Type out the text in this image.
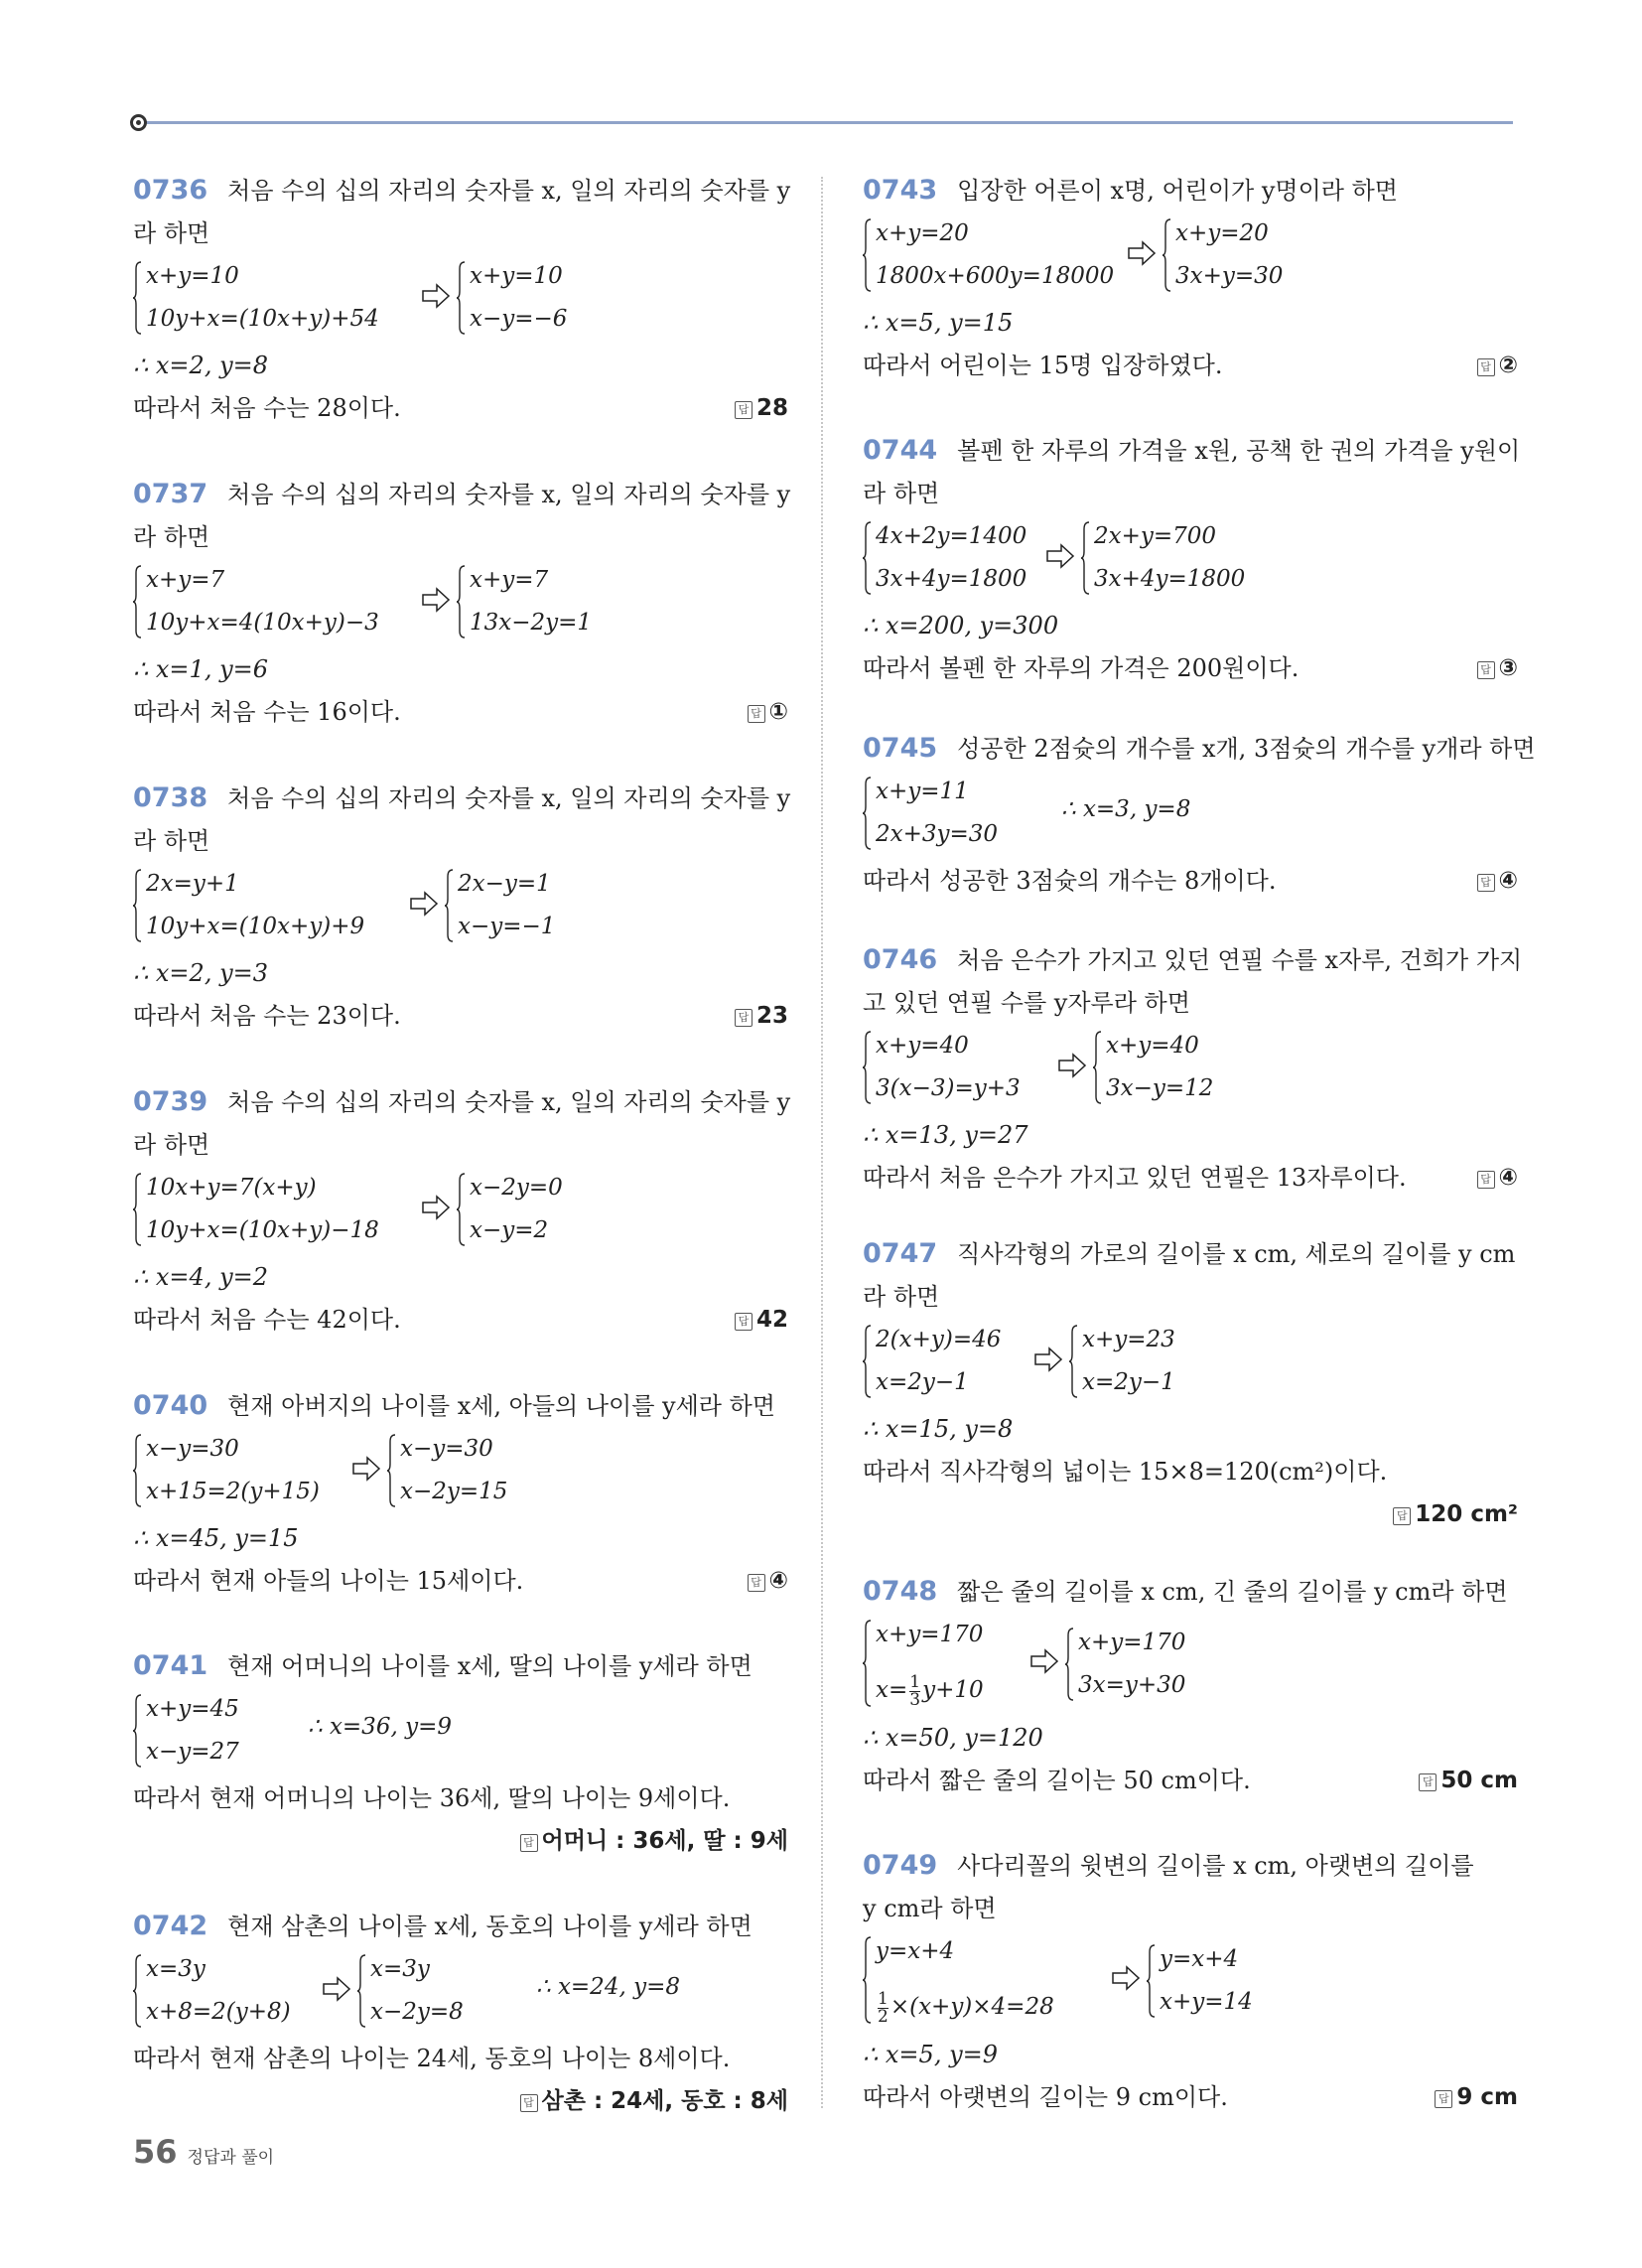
0736 처음 수의 십의 자리의 숫자를 x, 일의 자리의 숫자를 y
라 하면
x+y=10
10y+x=(10x+y)+54
x+y=10
x−y=−6
∴ x=2, y=8
따라서 처음 수는 28이다.	답 28
0737 처음 수의 십의 자리의 숫자를 x, 일의 자리의 숫자를 y
라 하면
x+y=7
10y+x=4(10x+y)−3
x+y=7
13x−2y=1
∴ x=1, y=6
따라서 처음 수는 16이다.	답 ①
0738 처음 수의 십의 자리의 숫자를 x, 일의 자리의 숫자를 y
라 하면
2x=y+1
10y+x=(10x+y)+9
2x−y=1
x−y=−1
∴ x=2, y=3
따라서 처음 수는 23이다.	답 23
0739 처음 수의 십의 자리의 숫자를 x, 일의 자리의 숫자를 y
라 하면
10x+y=7(x+y)
10y+x=(10x+y)−18
x−2y=0
x−y=2
∴ x=4, y=2
따라서 처음 수는 42이다.	답 42
0740 현재 아버지의 나이를 x세, 아들의 나이를 y세라 하면
x−y=30
x+15=2(y+15)
x−y=30
x−2y=15
∴ x=45, y=15
따라서 현재 아들의 나이는 15세이다.	답 ④
0741 현재 어머니의 나이를 x세, 딸의 나이를 y세라 하면
x+y=45
x−y=27
∴ x=36, y=9
따라서 현재 어머니의 나이는 36세, 딸의 나이는 9세이다.
답 어머니 : 36세, 딸 : 9세
0742 현재 삼촌의 나이를 x세, 동호의 나이를 y세라 하면
x=3y
x+8=2(y+8)
x=3y
x−2y=8
∴ x=24, y=8
따라서 현재 삼촌의 나이는 24세, 동호의 나이는 8세이다.
답 삼촌 : 24세, 동호 : 8세
0743 입장한 어른이 x명, 어린이가 y명이라 하면
x+y=20
1800x+600y=18000
x+y=20
3x+y=30
∴ x=5, y=15
따라서 어린이는 15명 입장하였다.	답 ②
0744 볼펜 한 자루의 가격을 x원, 공책 한 권의 가격을 y원이
라 하면
4x+2y=1400
3x+4y=1800
2x+y=700
3x+4y=1800
∴ x=200, y=300
따라서 볼펜 한 자루의 가격은 200원이다.	답 ③
0745 성공한 2점슛의 개수를 x개, 3점슛의 개수를 y개라 하면
x+y=11
2x+3y=30
∴ x=3, y=8
따라서 성공한 3점슛의 개수는 8개이다.	답 ④
0746 처음 은수가 가지고 있던 연필 수를 x자루, 건희가 가지
고 있던 연필 수를 y자루라 하면
x+y=40
3(x−3)=y+3
x+y=40
3x−y=12
∴ x=13, y=27
따라서 처음 은수가 가지고 있던 연필은 13자루이다.	답 ④
0747 직사각형의 가로의 길이를 x cm, 세로의 길이를 y cm
라 하면
2(x+y)=46
x=2y−1
x+y=23
x=2y−1
∴ x=15, y=8
따라서 직사각형의 넓이는 15×8=120(cm²)이다.
답 120 cm²
0748 짧은 줄의 길이를 x cm, 긴 줄의 길이를 y cm라 하면
x+y=170
$x= \frac{1}{3} y+10$
x+y=170
3x=y+30
∴ x=50, y=120
따라서 짧은 줄의 길이는 50 cm이다.	답 50 cm
0749 사다리꼴의 윗변의 길이를 x cm, 아랫변의 길이를
y cm라 하면
y=x+4
$\frac{1}{2} \times(x+y)\times 4=28$
y=x+4
x+y=14
∴ x=5, y=9
따라서 아랫변의 길이는 9 cm이다.	답 9 cm
56 정답과 풀이
